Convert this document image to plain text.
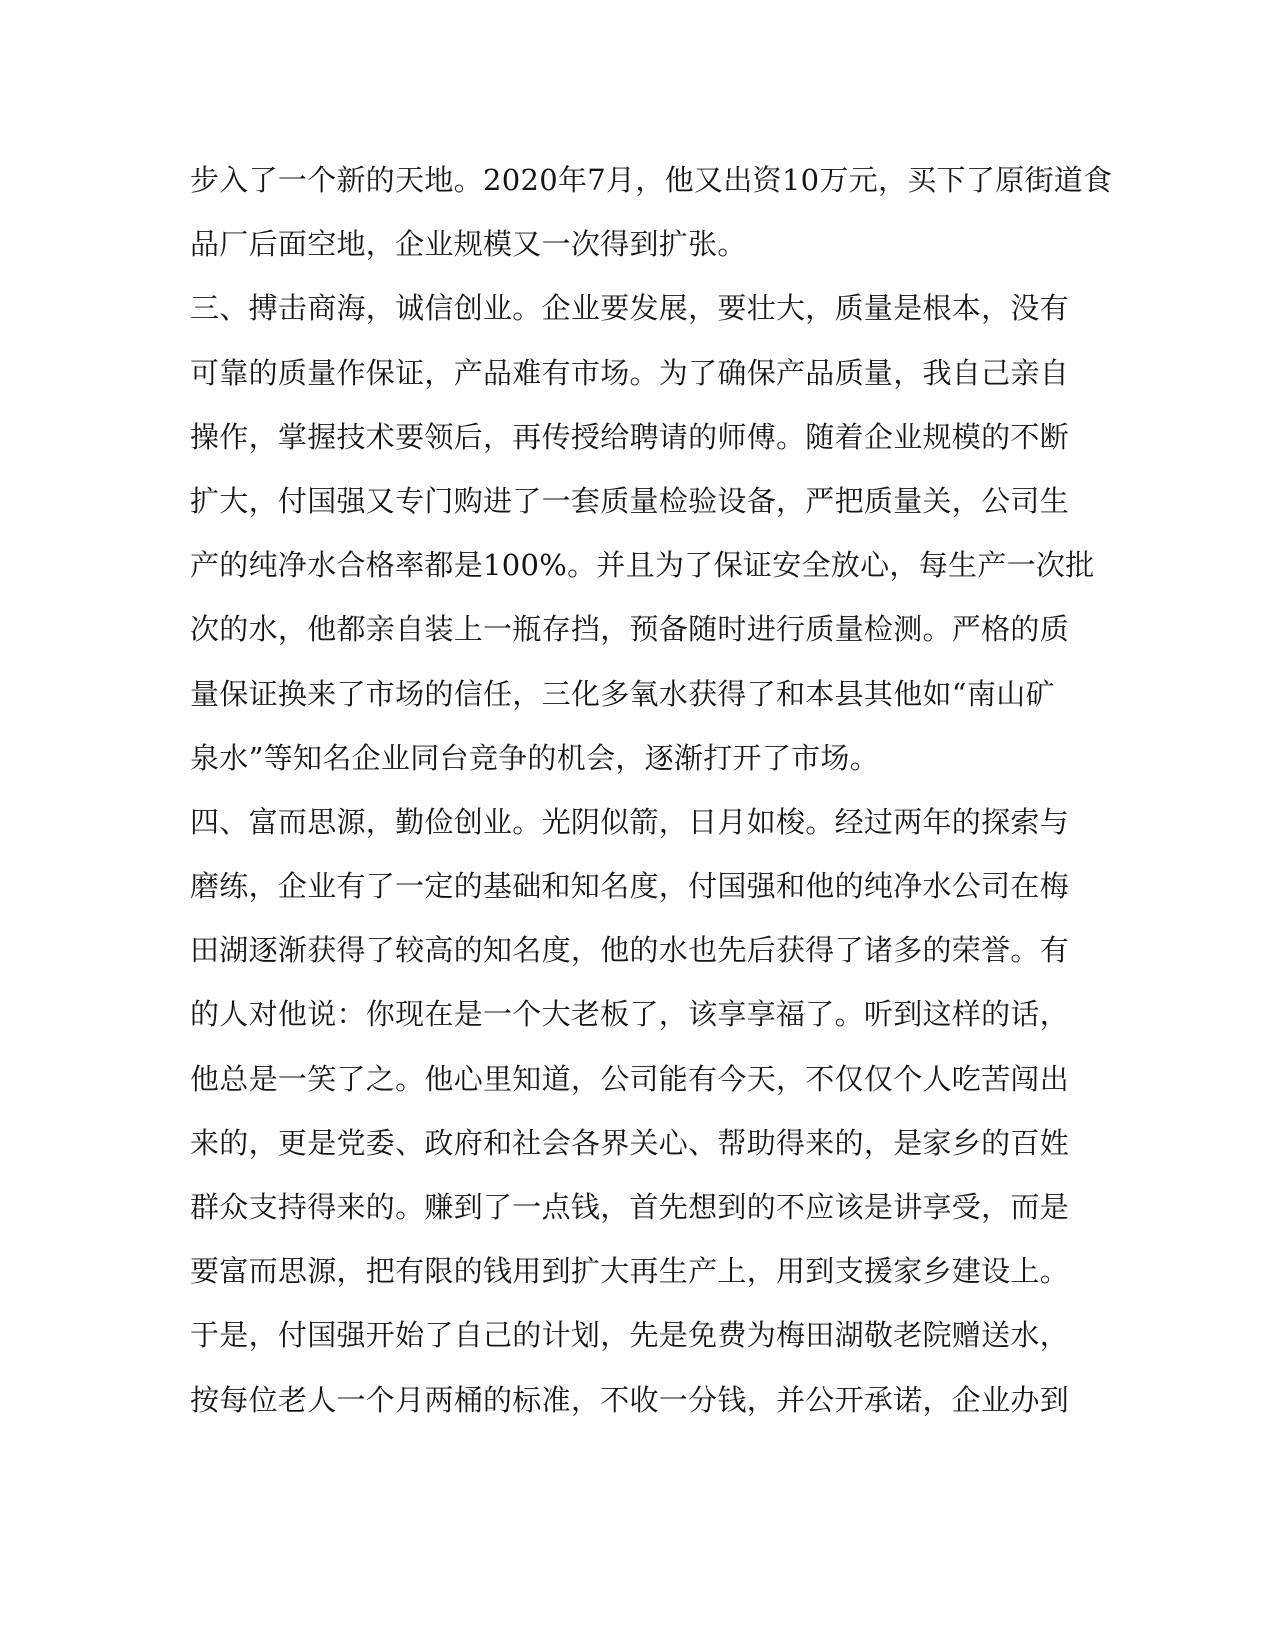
步入了一个新的天地。2020年7月，他又出资10万元，买下了原街道食
品厂后面空地，企业规模又一次得到扩张。
三、搏击商海，诚信创业。企业要发展，要壮大，质量是根本，没有
可靠的质量作保证，产品难有市场。为了确保产品质量，我自己亲自
操作，掌握技术要领后，再传授给聘请的师傅。随着企业规模的不断
扩大，付国强又专门购进了一套质量检验设备，严把质量关，公司生
产的纯净水合格率都是100%。并且为了保证安全放心，每生产一次批
次的水，他都亲自装上一瓶存挡，预备随时进行质量检测。严格的质
量保证换来了市场的信任，三化多氧水获得了和本县其他如“南山矿
泉水”等知名企业同台竞争的机会，逐渐打开了市场。
四、富而思源，勤俭创业。光阴似箭，日月如梭。经过两年的探索与
磨练，企业有了一定的基础和知名度，付国强和他的纯净水公司在梅
田湖逐渐获得了较高的知名度，他的水也先后获得了诸多的荣誉。有
的人对他说：你现在是一个大老板了，该享享福了。听到这样的话，
他总是一笑了之。他心里知道，公司能有今天，不仅仅个人吃苦闯出
来的，更是党委、政府和社会各界关心、帮助得来的，是家乡的百姓
群众支持得来的。赚到了一点钱，首先想到的不应该是讲享受，而是
要富而思源，把有限的钱用到扩大再生产上，用到支援家乡建设上。
于是，付国强开始了自己的计划，先是免费为梅田湖敬老院赠送水，
按每位老人一个月两桶的标准，不收一分钱，并公开承诺，企业办到
